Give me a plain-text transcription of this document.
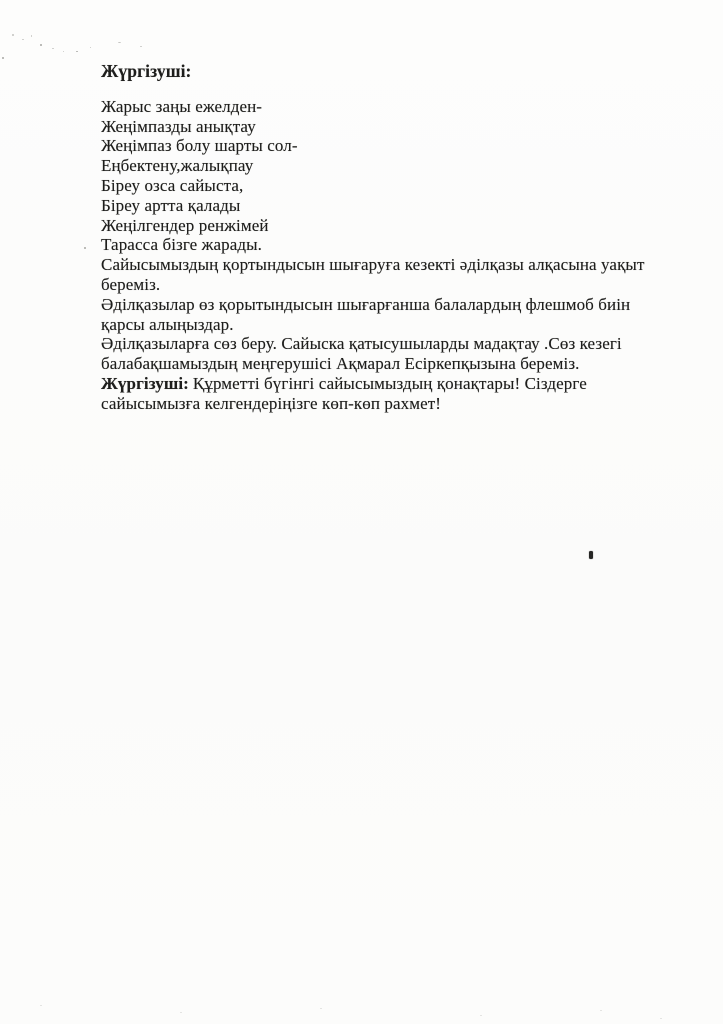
Жүргізуші:
Жарыс заңы ежелден-
Жеңімпазды анықтау
Жеңімпаз болу шарты сол-
Еңбектену,жалықпау
Біреу озса сайыста,
Біреу артта қалады
Жеңілгендер ренжімей
Тарасса бізге жарады.
Сайысымыздың қортындысын шығаруға кезекті әділқазы алқасына уақыт
береміз.
Әділқазылар өз қорытындысын шығарғанша балалардың флешмоб биін
қарсы алыңыздар.
Әділқазыларға сөз беру. Сайыска қатысушыларды мадақтау .Сөз кезегі
балабақшамыздың меңгерушісі Ақмарал Есіркепқызына береміз.
Жүргізуші: Құрметті бүгінгі сайысымыздың қонақтары! Сіздерге
сайысымызға келгендеріңізге көп-көп рахмет!
